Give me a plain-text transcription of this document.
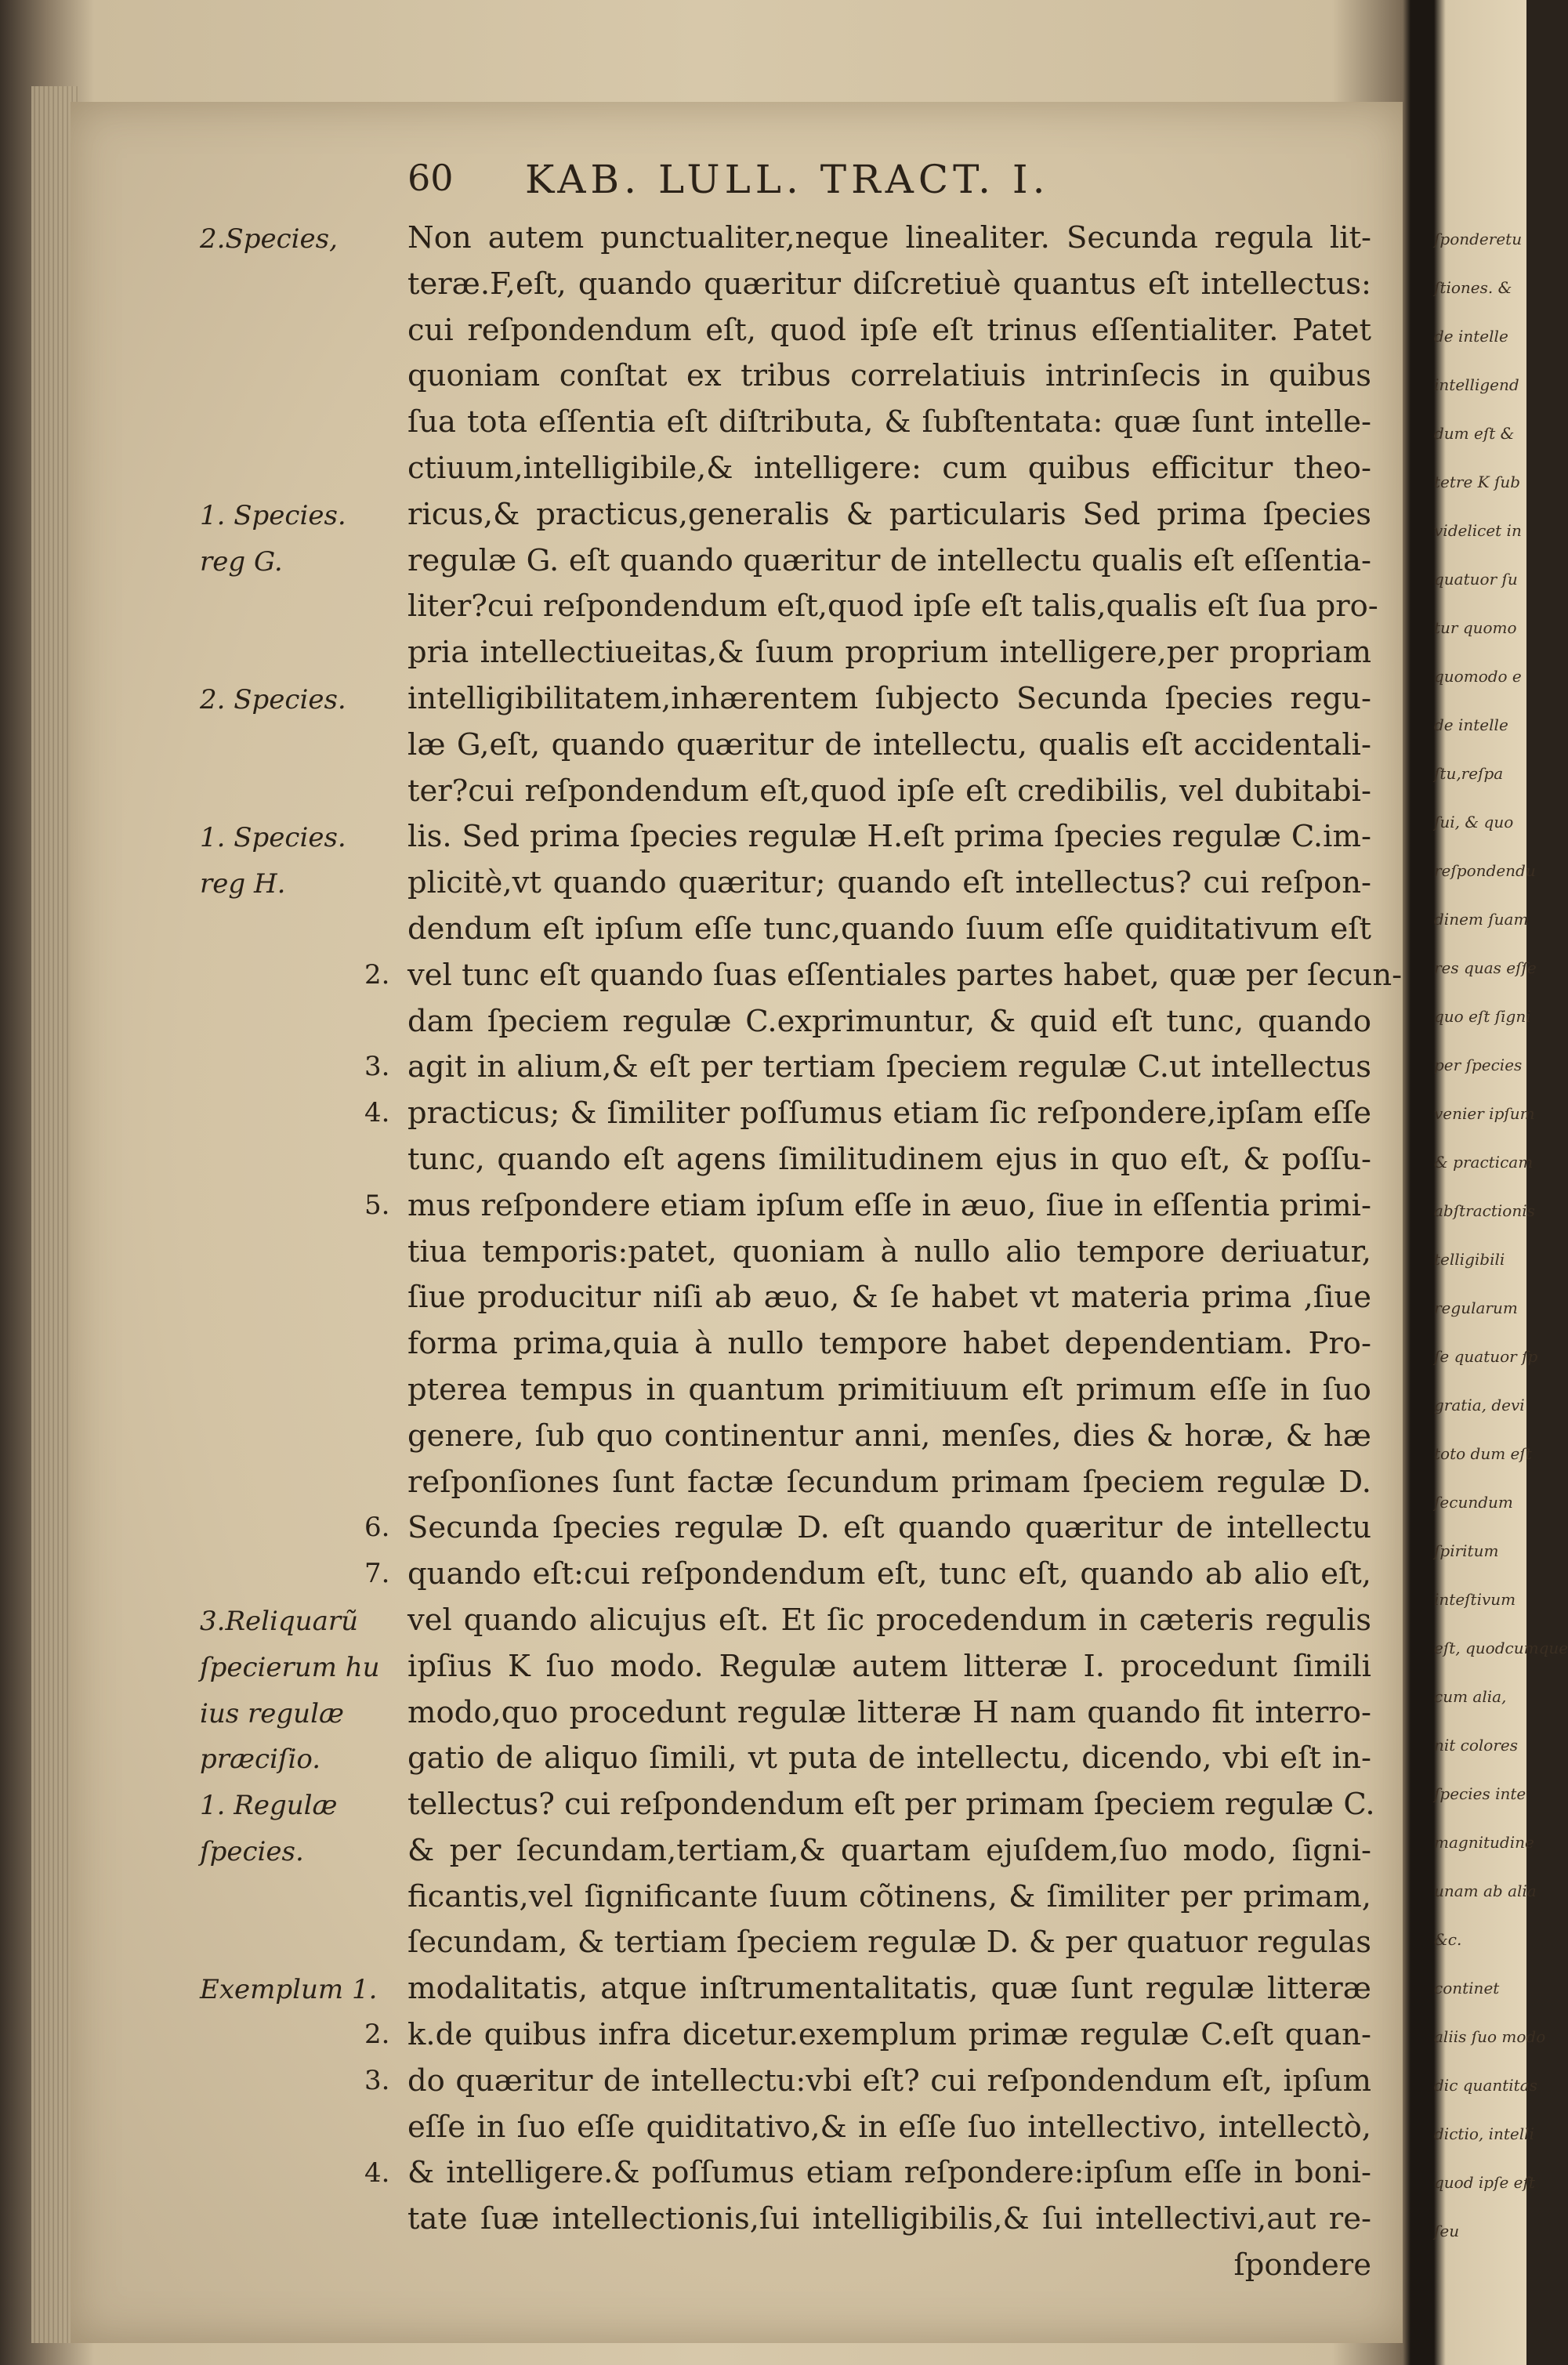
60 KAB. LULL. TRACT. I.
Non autem punctualiter,neque linealiter. Secunda regula lit-
teræ.F,eſt, quando quæritur diſcretiuè quantus eſt intellectus:
cui reſpondendum eſt, quod ipſe eſt trinus eſſentialiter. Patet
quoniam conſtat ex tribus correlatiuis intrinſecis in quibus
ſua tota eſſentia eſt diſtributa, & ſubſtentata: quæ ſunt intelle-
ctiuum,intelligibile,& intelligere: cum quibus efficitur theo-
ricus,& practicus,generalis & particularis Sed prima ſpecies
regulæ G. eſt quando quæritur de intellectu qualis eſt eſſentia-
liter?cui reſpondendum eſt,quod ipſe eſt talis,qualis eſt ſua pro-
pria intellectiueitas,& ſuum proprium intelligere,per propriam
intelligibilitatem,inhærentem ſubjecto Secunda ſpecies regu-
læ G,eſt, quando quæritur de intellectu, qualis eſt accidentali-
ter?cui reſpondendum eſt,quod ipſe eſt credibilis, vel dubitabi-
lis. Sed prima ſpecies regulæ H.eſt prima ſpecies regulæ C.im-
plicitè,vt quando quæritur; quando eſt intellectus? cui reſpon-
dendum eſt ipſum eſſe tunc,quando ſuum eſſe quiditativum eſt
vel tunc eſt quando ſuas eſſentiales partes habet, quæ per ſecun-
dam ſpeciem regulæ C.exprimuntur, & quid eſt tunc, quando
agit in alium,& eſt per tertiam ſpeciem regulæ C.ut intellectus
practicus; & ſimiliter poſſumus etiam ſic reſpondere,ipſam eſſe
tunc, quando eſt agens ſimilitudinem ejus in quo eſt, & poſſu-
mus reſpondere etiam ipſum eſſe in æuo, ſiue in eſſentia primi-
tiua temporis:patet, quoniam à nullo alio tempore deriuatur,
ſiue producitur niſi ab æuo, & ſe habet vt materia prima ,ſiue
forma prima,quia à nullo tempore habet dependentiam. Pro-
pterea tempus in quantum primitiuum eſt primum eſſe in ſuo
genere, ſub quo continentur anni, menſes, dies & horæ, & hæ
reſponſiones ſunt factæ ſecundum primam ſpeciem regulæ D.
Secunda ſpecies regulæ D. eſt quando quæritur de intellectu
quando eſt:cui reſpondendum eſt, tunc eſt, quando ab alio eſt,
vel quando alicujus eſt. Et ſic procedendum in cæteris regulis
ipſius K ſuo modo. Regulæ autem litteræ I. procedunt ſimili
modo,quo procedunt regulæ litteræ H nam quando fit interro-
gatio de aliquo ſimili, vt puta de intellectu, dicendo, vbi eſt in-
tellectus? cui reſpondendum eſt per primam ſpeciem regulæ C.
& per ſecundam,tertiam,& quartam ejuſdem,ſuo modo, ſigni-
ficantis,vel ſignificante ſuum cõtinens, & ſimiliter per primam,
ſecundam, & tertiam ſpeciem regulæ D. & per quatuor regulas
modalitatis, atque inſtrumentalitatis, quæ ſunt regulæ litteræ
k.de quibus infra dicetur.exemplum primæ regulæ C.eſt quan-
do quæritur de intellectu:vbi eſt? cui reſpondendum eſt, ipſum
eſſe in ſuo eſſe quiditativo,& in eſſe ſuo intellectivo, intellectò,
& intelligere.& poſſumus etiam reſpondere:ipſum eſſe in boni-
tate ſuæ intellectionis,ſui intelligibilis,& ſui intellectivi,aut re-
ſpondere
2.Species,
1. Species.
reg G.
2. Species.
1. Species.
reg H.
3.Reliquarũ
ſpecierum hu
ius regulæ
præciſio.
1. Regulæ
ſpecies.
Exemplum 1.
2.
3.
4.
5.
6.
7.
2.
3.
4.
ſponderetu
ſtiones. &
de intelle
intelligend
dum eſt &
tetre K ſub
videlicet in
quatuor ſu
tur quomo
quomodo e
de intelle
ſtu,reſpa
ſui, & quo
reſpondendu
dinem ſuam
res quas eſſe
quo eſt ſigni
per ſpecies
venier ipſum
& practicam
abſtractionis
telligibili
regularum
ſe quatuor ſp
gratia, devi
toto dum eſt
ſecundum
ſpiritum
inteſtivum
eſt, quodcumque
cum alia,
nit colores
ſpecies inte
magnitudine
unam ab alia
&c.
continet
aliis ſuo modo
dic quantitas
dictio, intelli
quod ipſe eſt
ſeu
